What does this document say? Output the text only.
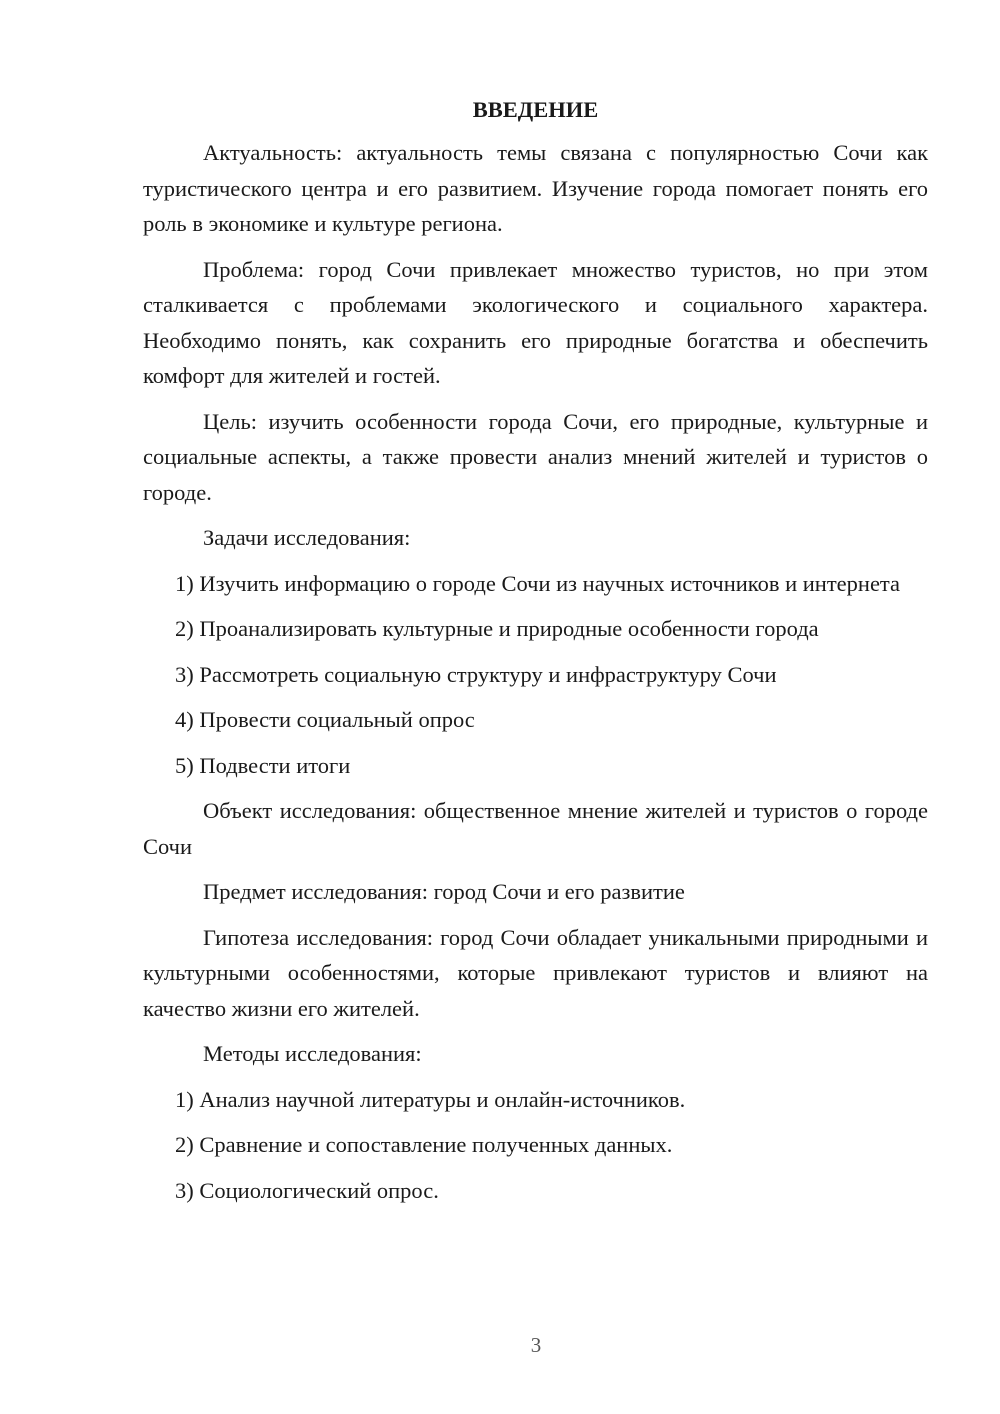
ВВЕДЕНИЕ

Актуальность: актуальность темы связана с популярностью Сочи как туристического центра и его развитием. Изучение города помогает понять его роль в экономике и культуре региона.

Проблема: город Сочи привлекает множество туристов, но при этом сталкивается с проблемами экологического и социального характера. Необходимо понять, как сохранить его природные богатства и обеспечить комфорт для жителей и гостей.

Цель: изучить особенности города Сочи, его природные, культурные и социальные аспекты, а также провести анализ мнений жителей и туристов о городе.

Задачи исследования:

1) Изучить информацию о городе Сочи из научных источников и интернета

2) Проанализировать культурные и природные особенности города

3) Рассмотреть социальную структуру и инфраструктуру Сочи

4) Провести социальный опрос

5) Подвести итоги

Объект исследования: общественное мнение жителей и туристов о городе Сочи

Предмет исследования: город Сочи и его развитие

Гипотеза исследования: город Сочи обладает уникальными природными и культурными особенностями, которые привлекают туристов и влияют на качество жизни его жителей.

Методы исследования:

1) Анализ научной литературы и онлайн-источников.

2) Сравнение и сопоставление полученных данных.

3) Социологический опрос.

3
